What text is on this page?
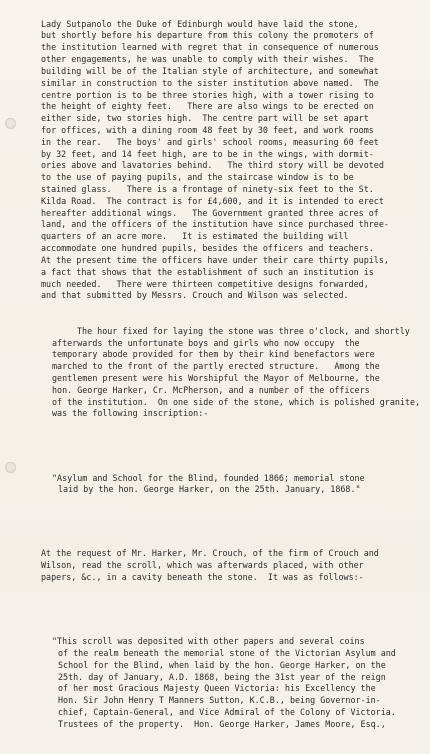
Lady Sutpanolo the Duke of Edinburgh would have laid the stone,
but shortly before his departure from this colony the promoters of
the institution learned with regret that in consequence of numerous
other engagements, he was unable to comply with their wishes.  The
building will be of the Italian style of architecture, and somewhat
similar in construction to the sister institution above named.  The
centre portion is to be three stories high, with a tower rising to
the height of eighty feet.   There are also wings to be erected on
either side, two stories high.  The centre part will be set apart
for offices, with a dining room 48 feet by 30 feet, and work rooms
in the rear.   The boys' and girls' school rooms, measuring 60 feet
by 32 feet, and 14 feet high, are to be in the wings, with dormit-
ories above and lavatories behind.   The third story will be devoted
to the use of paying pupils, and the staircase window is to be
stained glass.   There is a frontage of ninety-six feet to the St.
Kilda Road.  The contract is for £4,600, and it is intended to erect
hereafter additional wings.   The Government granted three acres of
land, and the officers of the institution have since purchased three-
quarters of an acre more.   It is estimated the building will
accommodate one hundred pupils, besides the officers and teachers.
At the present time the officers have under their care thirty pupils,
a fact that shows that the establishment of such an institution is
much needed.   There were thirteen competitive designs forwarded,
and that submitted by Messrs. Crouch and Wilson was selected.

The hour fixed for laying the stone was three o'clock, and shortly
afterwards the unfortunate boys and girls who now occupy  the
temporary abode provided for them by their kind benefactors were
marched to the front of the partly erected structure.   Among the
gentlemen present were his Worshipful the Mayor of Melbourne, the
hon. George Harker, Cr. McPherson, and a number of the officers
of the institution.  On one side of the stone, which is polished granite,
was the following inscription:-

"Asylum and School for the Blind, founded 1866; memorial stone
laid by the hon. George Harker, on the 25th. January, 1868."

At the request of Mr. Harker, Mr. Crouch, of the firm of Crouch and
Wilson, read the scroll, which was afterwards placed, with other
papers, &c., in a cavity beneath the stone.  It was as follows:-

"This scroll was deposited with other papers and several coins
of the realm beneath the memorial stone of the Victorian Asylum and
School for the Blind, when laid by the hon. George Harker, on the
25th. day of January, A.D. 1868, being the 31st year of the reign
of her most Gracious Majesty Queen Victoria: his Excellency the
Hon. Sir John Henry T Manners Sutton, K.C.B., being Governor-in-
chief, Captain-General, and Vice Admiral of the Colony of Victoria.
Trustees of the property.  Hon. George Harker, James Moore, Esq.,
